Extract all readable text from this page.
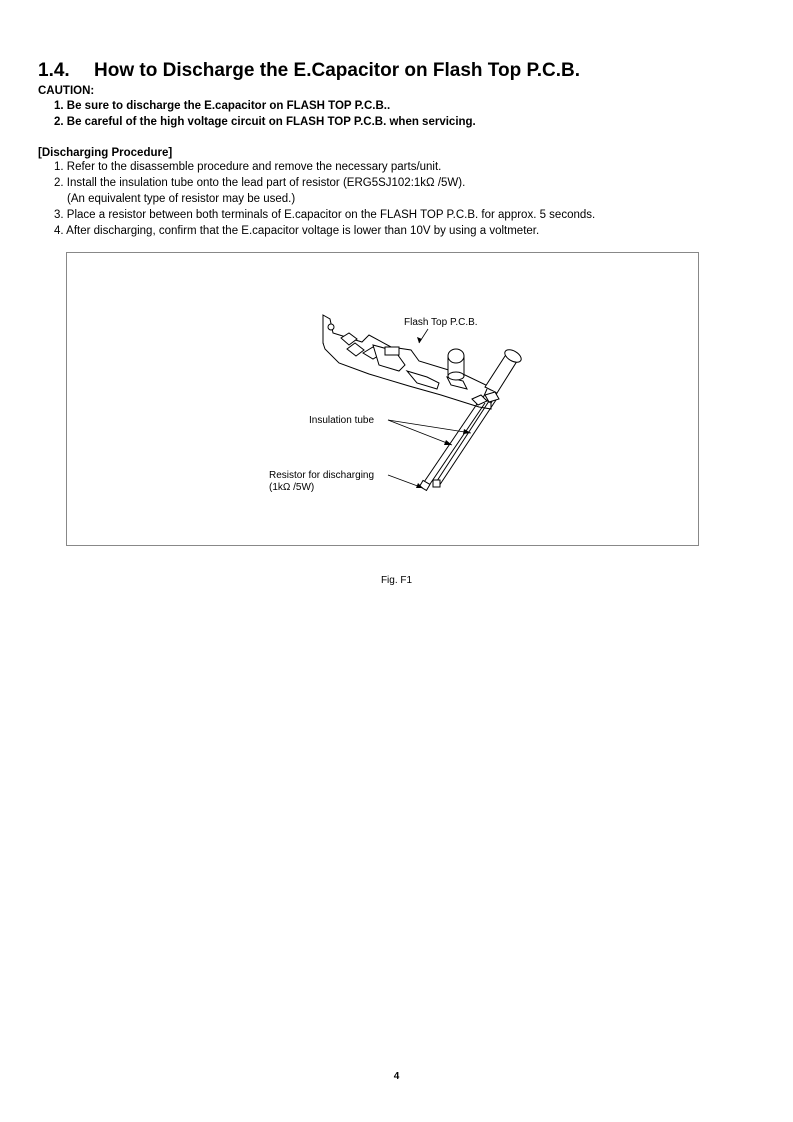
1.4. How to Discharge the E.Capacitor on Flash Top P.C.B.
CAUTION:
1. Be sure to discharge the E.capacitor on FLASH TOP P.C.B..
2. Be careful of the high voltage circuit on FLASH TOP P.C.B. when servicing.
[Discharging Procedure]
1. Refer to the disassemble procedure and remove the necessary parts/unit.
2. Install the insulation tube onto the lead part of resistor (ERG5SJ102:1kΩ /5W).
(An equivalent type of resistor may be used.)
3. Place a resistor between both terminals of E.capacitor on the FLASH TOP P.C.B. for approx. 5 seconds.
4. After discharging, confirm that the E.capacitor voltage is lower than 10V by using a voltmeter.
Flash Top P.C.B.
Insulation tube
Resistor for discharging
(1kΩ /5W)
Fig. F1
4
